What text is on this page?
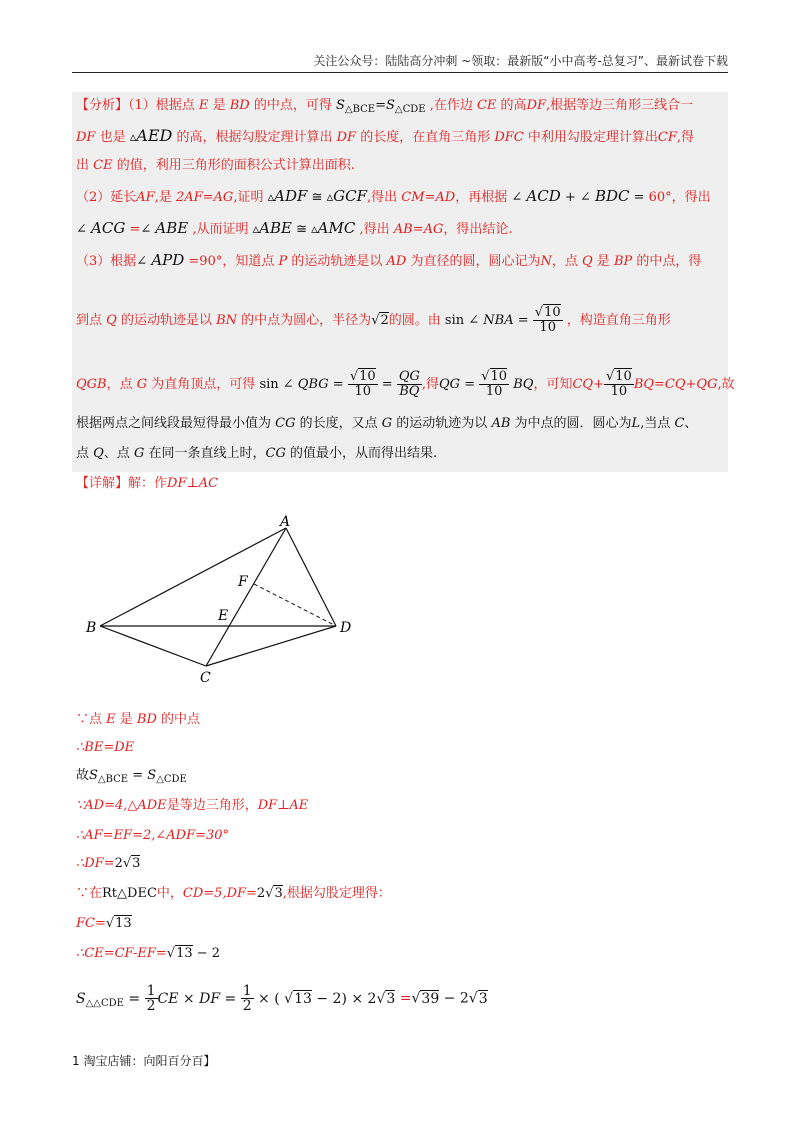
关注公众号：陆陆高分冲刺 ~领取：最新版“小中高考-总复习”、最新试卷下载
【分析】（1）根据点 E 是 BD 的中点，可得 $S_{\triangle BCE}=S_{\triangle CDE}$ ,在作边 CE 的高DF,根据等边三角形三线合一
DF 也是 ▵AED 的高，根据勾股定理计算出 DF 的长度，在直角三角形 DFC 中利用勾股定理计算出CF,得
出 CE 的值，利用三角形的面积公式计算出面积.
（2）延长AF,是 2AF=AG,证明 ▵ADF ≅ ▵GCF,得出 CM=AD，再根据 ∠ ACD + ∠ BDC = 60°，得出
∠ ACG =∠ ABE ,从而证明 ▵ABE ≅ ▵AMC ,得出 AB=AG，得出结论.
（3）根据∠ APD =90°，知道点 P 的运动轨迹是以 AD 为直径的圆，圆心记为N，点 Q 是 BP 的中点，得
到点 Q 的运动轨迹是以 BN 的中点为圆心，半径为√2的圆。由 sin ∠ NBA = $\frac{√10}{10}$ ，构造直角三角形
QGB，点 G 为直角顶点，可得 sin ∠ QBG = $\frac{√10}{10} = \frac{QG}{BQ}$ ,得QG = $\frac{√10}{10}$ BQ，可知$CQ+ \frac{√10}{10} BQ=CQ+QG$,故
根据两点之间线段最短得最小值为 CG 的长度，又点 G 的运动轨迹为以 AB 为中点的圆．圆心为L,当点 C、
点 Q、点 G 在同一条直线上时，CG 的值最小，从而得出结果.
【详解】解：作DF⊥AC
A
B
C
D
E
F
∵点 E 是 BD 的中点
∴BE=DE
故$S_{\triangle BCE} = S_{\triangle CDE}$
∵AD=4,△ADE是等边三角形，DF⊥AE
∴AF=EF=2,∠ADF=30°
∴DF=2√3
∵在Rt△DEC中，CD=5,DF=2√3,根据勾股定理得：
FC=√13
∴CE=CF-EF=√13 − 2
$S_{\triangle\triangle CDE} = \frac{1}{2}$ CE × DF = $\frac{1}{2}$ × ( √13 − 2) × 2√3 =√39 − 2√3
1 淘宝店铺：向阳百分百】
